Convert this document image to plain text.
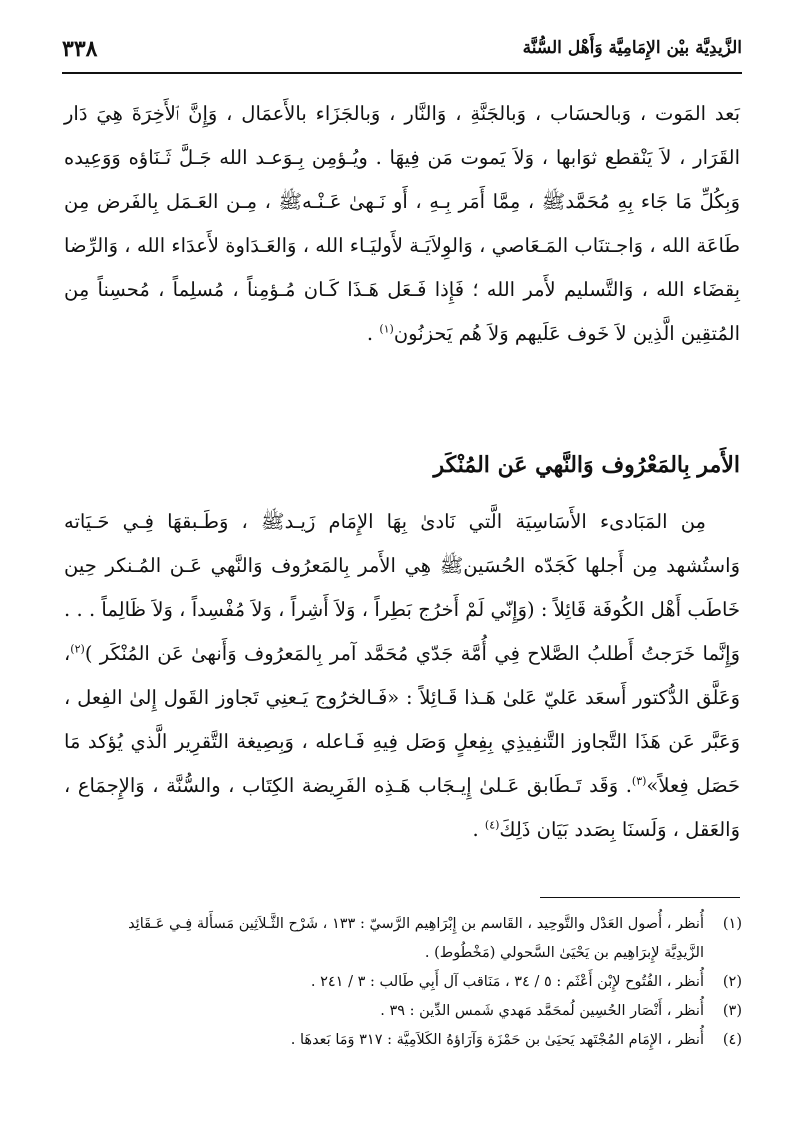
الزَّيدِيَّة بيْن الإِمَامِيَّة وَأَهْل السُّنَّة
٣٣٨

بَعد المَوت ، وَبالحسَاب ، وَبالجَنَّةِ ، وَالنَّار ، وَبالجَزَاء بالأَعمَال ، وَإِنَّ ٱلأَخِرَةَ هِيَ دَار القَرَار ، لاَ يَنْقطع ثوَابها ، وَلاَ يَموت مَن فِيهَا . ويُـؤمِن بِـوَعـد الله جَـلَّ ثَـنَاؤه وَوَعِيده وَبِكُلِّ مَا جَاء بِهِ مُحَمَّدﷺ ، مِمَّا أَمَر بِـهِ ، أَو نَـهىٰ عَـنْـهﷺ ، مِـن العَـمَل بِالفَرض مِن طَاعَة الله ، وَاجـتنَاب المَـعَاصي ، وَالوِلاَيَـة لأَوليَـاء الله ، وَالعَـدَاوة لأَعدَاء الله ، وَالرِّضا بِقضَاء الله ، وَالتَّسليم لأَمر الله ؛ فَإِذا فَـعَل هَـذَا كَـان مُـؤمِناً ، مُسلِماً ، مُحسِناً مِن المُتقِين الَّذِين لاَ خَوف عَلَيهم وَلاَ هُم يَحزنُون$^{(١)}$ .

الأَمر بِالمَعْرُوف وَالنَّهي عَن المُنْكَر

مِن المَبَادىء الأَسَاسِيَة الَّتي نَادىٰ بِهَا الإِمَام زَيـدﷺ ، وَطَـبقهَا فِـي حَـيَاته وَاستُشهد مِن أَجلها كَجَدّه الحُسَينﷺ هِي الأَمر بِالمَعرُوف وَالنَّهي عَـن المُـنكر حِين خَاطَب أَهْل الكُوفَة قَائِلاً : (وَإِنّي لَمْ أَخرُج بَطِراً ، وَلاَ أَشِراً ، وَلاَ مُفْسِداً ، وَلاَ ظَالِماً . . . وَإِنَّما خَرَجتُ أَطلبُ الصَّلاح فِي أُمَّة جَدّي مُحَمَّد آمر بِالمَعرُوف وَأَنهىٰ عَن المُنْكَر )$^{(٢)}$، وَعَلَّق الدُّكتور أَسعَد عَليّ عَلىٰ هَـذا قَـائِلاً : «فَـالخرُوج يَـعنِي تَجاوز القَول إِلىٰ الفِعل ، وَعَبَّر عَن هَذَا التَّجاوز التَّنفِيذِي بِفِعلٍ وَصَل فِيهِ فَـاعله ، وَبِصِيغة التَّقرِير الَّذي يُؤكد مَا حَصَل فِعلاً»$^{(٣)}$. وَقَد تَـطَابق عَـلىٰ إِيـجَاب هَـذِه الفَرِيضة الكِتَاب ، والسُّنَّة ، وَالإِجمَاع ، وَالعَقل ، وَلَسنَا بِصَدد بَيَان ذَلِكَ$^{(٤)}$ .

(١)أُنظر ، أُصول العَدْل والتَّوحِيد ، القَاسم بن إِبْرَاهِيم الرَّسيّ : ١٣٣ ، شَرْح الثَّـلاَثِين مَسأَلة فِـي عَـقَائِد

الزَّيدِيَّة لإِبرَاهِيم بن يَحْيَىٰ السَّحولي (مَخْطُوط) .

(٢)أُنظر ، الفُتُوح لإِبْن أَعْثَم : ٥ / ٣٤ ، مَنَاقب آل أَبِي طَالب : ٣ / ٢٤١ .

(٣)أُنظر ، أَنْصَار الحُسِين لُمحَمَّد مَهدي شَمس الدِّين : ٣٩ .

(٤)أُنظر ، الإِمَام المُجْتَهد يَحيَىٰ بن حَمْزَة وَآرَاؤهُ الكَلاَمِيَّة : ٣١٧ وَمَا بَعدهَا .
